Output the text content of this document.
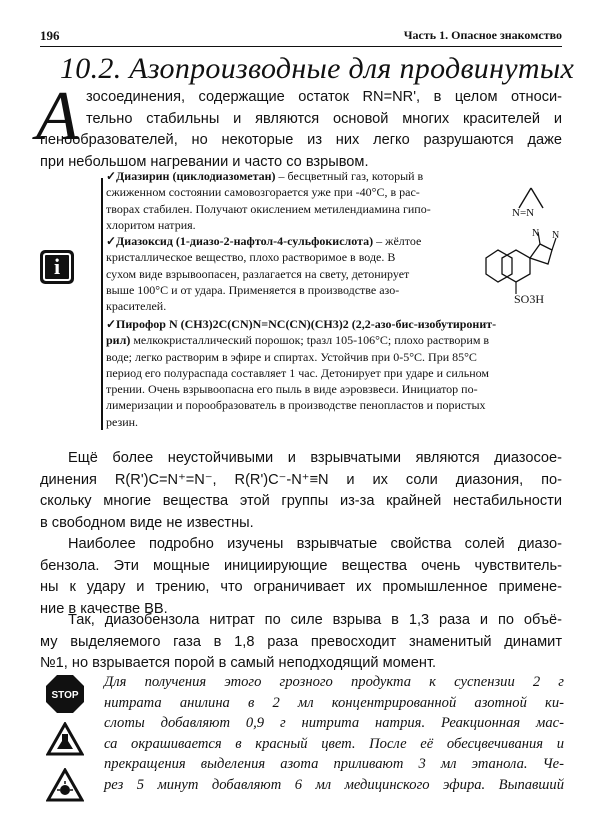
196	Часть 1. Опасное знакомство
10.2. Азопроизводные для продвинутых
А зосоединения, содержащие остаток RN=NR', в целом относи-
тельно стабильны и являются основой многих красителей и
пенообразователей, но некоторые из них легко разрушаются даже
при небольшом нагревании и часто со взрывом.
i
✓Диазирин (циклодиазометан) – бесцветный газ, который в
сжиженном состоянии самовозгорается уже при -40°С, в рас-
творах стабилен. Получают окислением метилендиамина гипо-
хлоритом натрия.
N=N
✓Диазоксид (1-диазо-2-нафтол-4-сульфокислота) – жёлтое
кристаллическое вещество, плохо растворимое в воде. В
сухом виде взрывоопасен, разлагается на свету, детонирует
выше 100°С и от удара. Применяется в производстве азо-
красителей.
N N
SO3H
✓Пирофор N (CH3)2C(CN)N=NC(CN)(CH3)2 (2,2-азо-бис-изобутиронит-
рил) мелкокристаллический порошок; tразл 105-106°С; плохо растворим в
воде; легко растворим в эфире и спиртах. Устойчив при 0-5°С. При 85°С
период его полураспада составляет 1 час. Детонирует при ударе и сильном
трении. Очень взрывоопасна его пыль в виде аэровзвеси. Инициатор по-
лимеризации и порообразователь в производстве пенопластов и пористых
резин.
Ещё более неустойчивыми и взрывчатыми являются диазосое-
динения R(R')C=N⁺=N⁻, R(R')C⁻-N⁺≡N и их соли диазония, по-
скольку многие вещества этой группы из-за крайней нестабильности
в свободном виде не известны.
Наиболее подробно изучены взрывчатые свойства солей диазо-
бензола. Эти мощные инициирующие вещества очень чувствитель-
ны к удару и трению, что ограничивает их промышленное примене-
ние в качестве ВВ.
Так, диазобензола нитрат по силе взрыва в 1,3 раза и по объё-
му выделяемого газа в 1,8 раза превосходит знаменитый динамит
№1, но взрывается порой в самый неподходящий момент.
STOP
Для получения этого грозного продукта к суспензии 2 г
нитрата анилина в 2 мл концентрированной азотной ки-
слоты добавляют 0,9 г нитрита натрия. Реакционная мас-
са окрашивается в красный цвет. После её обесцвечивания и
прекращения выделения азота приливают 3 мл этанола. Че-
рез 5 минут добавляют 6 мл медицинского эфира. Выпавший
